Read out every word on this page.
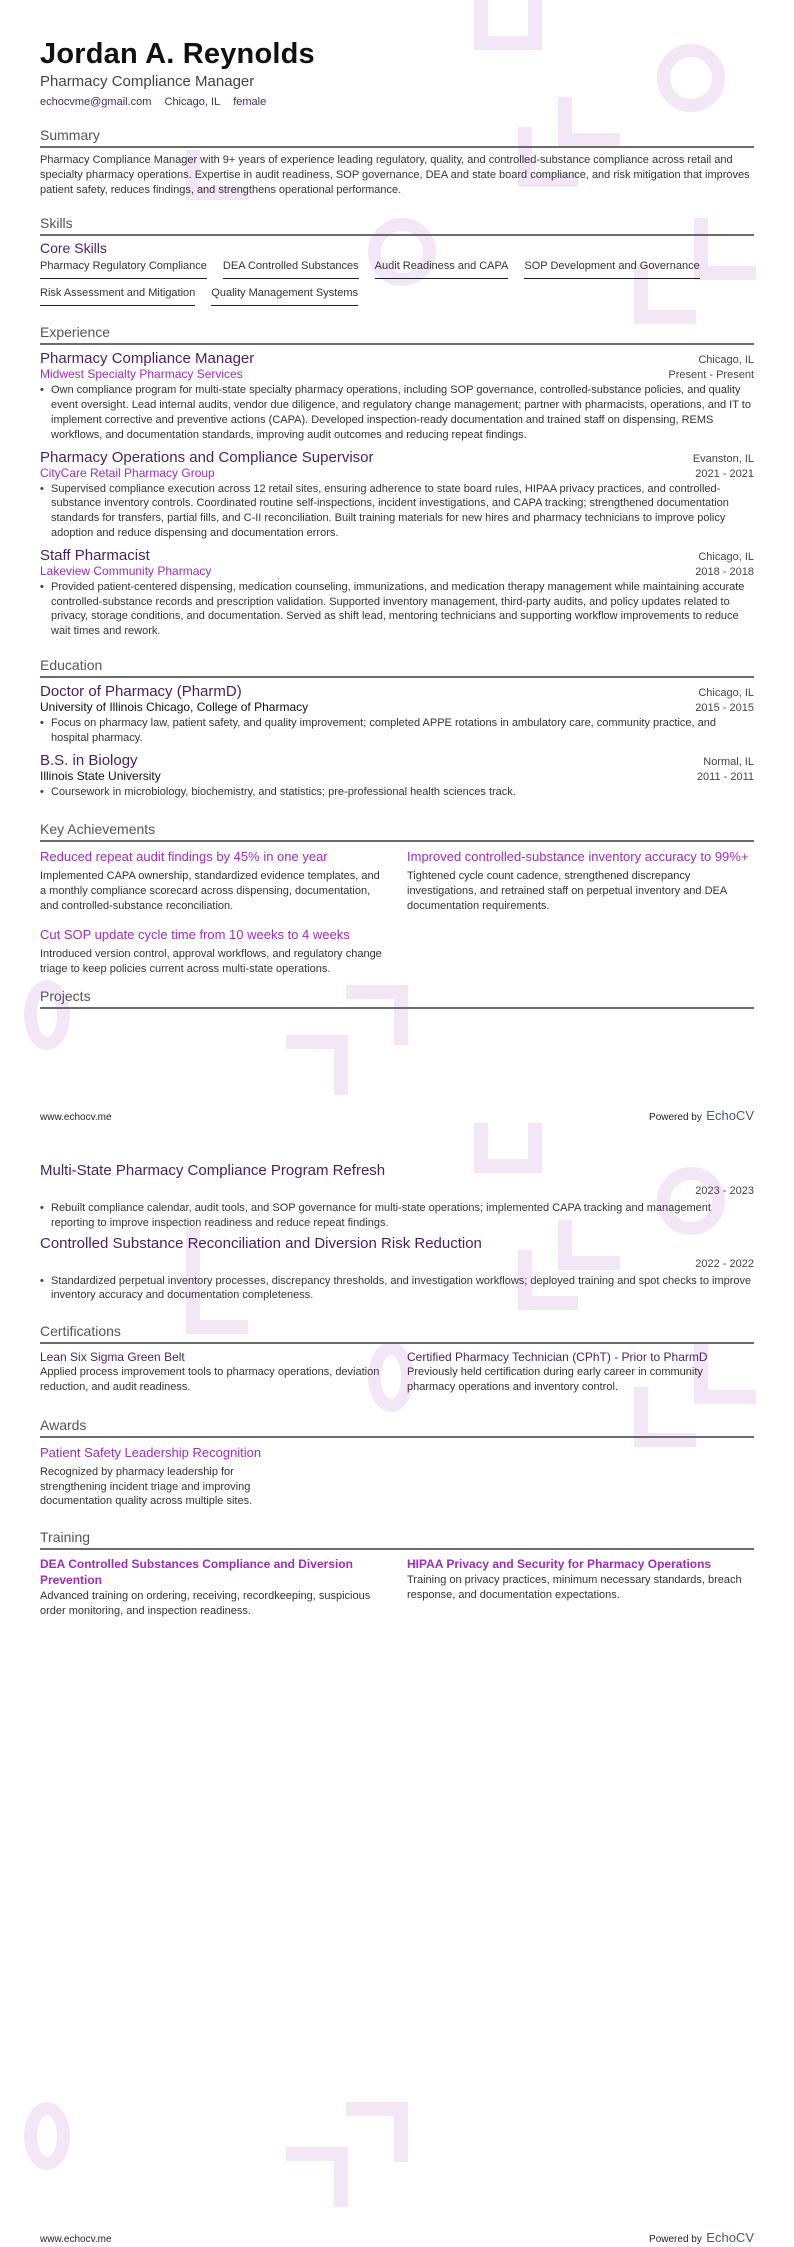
Jordan A. Reynolds
Pharmacy Compliance Manager
echocvme@gmail.com Chicago, IL female
Summary
Pharmacy Compliance Manager with 9+ years of experience leading regulatory, quality, and controlled-substance compliance across retail and specialty pharmacy operations. Expertise in audit readiness, SOP governance, DEA and state board compliance, and risk mitigation that improves patient safety, reduces findings, and strengthens operational performance.
Skills
Core Skills
Pharmacy Regulatory Compliance DEA Controlled Substances Audit Readiness and CAPA SOP Development and Governance
Risk Assessment and Mitigation Quality Management Systems
Experience
Pharmacy Compliance Manager	Chicago, IL
Midwest Specialty Pharmacy Services	Present - Present
• Own compliance program for multi-state specialty pharmacy operations, including SOP governance, controlled-substance policies, and quality event oversight. Lead internal audits, vendor due diligence, and regulatory change management; partner with pharmacists, operations, and IT to implement corrective and preventive actions (CAPA). Developed inspection-ready documentation and trained staff on dispensing, REMS workflows, and documentation standards, improving audit outcomes and reducing repeat findings.
Pharmacy Operations and Compliance Supervisor	Evanston, IL
CityCare Retail Pharmacy Group	2021 - 2021
• Supervised compliance execution across 12 retail sites, ensuring adherence to state board rules, HIPAA privacy practices, and controlled-substance inventory controls. Coordinated routine self-inspections, incident investigations, and CAPA tracking; strengthened documentation standards for transfers, partial fills, and C-II reconciliation. Built training materials for new hires and pharmacy technicians to improve policy adoption and reduce dispensing and documentation errors.
Staff Pharmacist	Chicago, IL
Lakeview Community Pharmacy	2018 - 2018
• Provided patient-centered dispensing, medication counseling, immunizations, and medication therapy management while maintaining accurate controlled-substance records and prescription validation. Supported inventory management, third-party audits, and policy updates related to privacy, storage conditions, and documentation. Served as shift lead, mentoring technicians and supporting workflow improvements to reduce wait times and rework.
Education
Doctor of Pharmacy (PharmD)	Chicago, IL
University of Illinois Chicago, College of Pharmacy	2015 - 2015
• Focus on pharmacy law, patient safety, and quality improvement; completed APPE rotations in ambulatory care, community practice, and hospital pharmacy.
B.S. in Biology	Normal, IL
Illinois State University	2011 - 2011
• Coursework in microbiology, biochemistry, and statistics; pre-professional health sciences track.
Key Achievements
Reduced repeat audit findings by 45% in one year
Implemented CAPA ownership, standardized evidence templates, and a monthly compliance scorecard across dispensing, documentation, and controlled-substance reconciliation.
Improved controlled-substance inventory accuracy to 99%+
Tightened cycle count cadence, strengthened discrepancy investigations, and retrained staff on perpetual inventory and DEA documentation requirements.
Cut SOP update cycle time from 10 weeks to 4 weeks
Introduced version control, approval workflows, and regulatory change triage to keep policies current across multi-state operations.
Projects
www.echocv.me	Powered by EchoCV
Multi-State Pharmacy Compliance Program Refresh
2023 - 2023
• Rebuilt compliance calendar, audit tools, and SOP governance for multi-state operations; implemented CAPA tracking and management reporting to improve inspection readiness and reduce repeat findings.
Controlled Substance Reconciliation and Diversion Risk Reduction
2022 - 2022
• Standardized perpetual inventory processes, discrepancy thresholds, and investigation workflows; deployed training and spot checks to improve inventory accuracy and documentation completeness.
Certifications
Lean Six Sigma Green Belt
Applied process improvement tools to pharmacy operations, deviation reduction, and audit readiness.
Certified Pharmacy Technician (CPhT) - Prior to PharmD
Previously held certification during early career in community pharmacy operations and inventory control.
Awards
Patient Safety Leadership Recognition
Recognized by pharmacy leadership for strengthening incident triage and improving documentation quality across multiple sites.
Training
DEA Controlled Substances Compliance and Diversion Prevention
Advanced training on ordering, receiving, recordkeeping, suspicious order monitoring, and inspection readiness.
HIPAA Privacy and Security for Pharmacy Operations
Training on privacy practices, minimum necessary standards, breach response, and documentation expectations.
www.echocv.me	Powered by EchoCV
